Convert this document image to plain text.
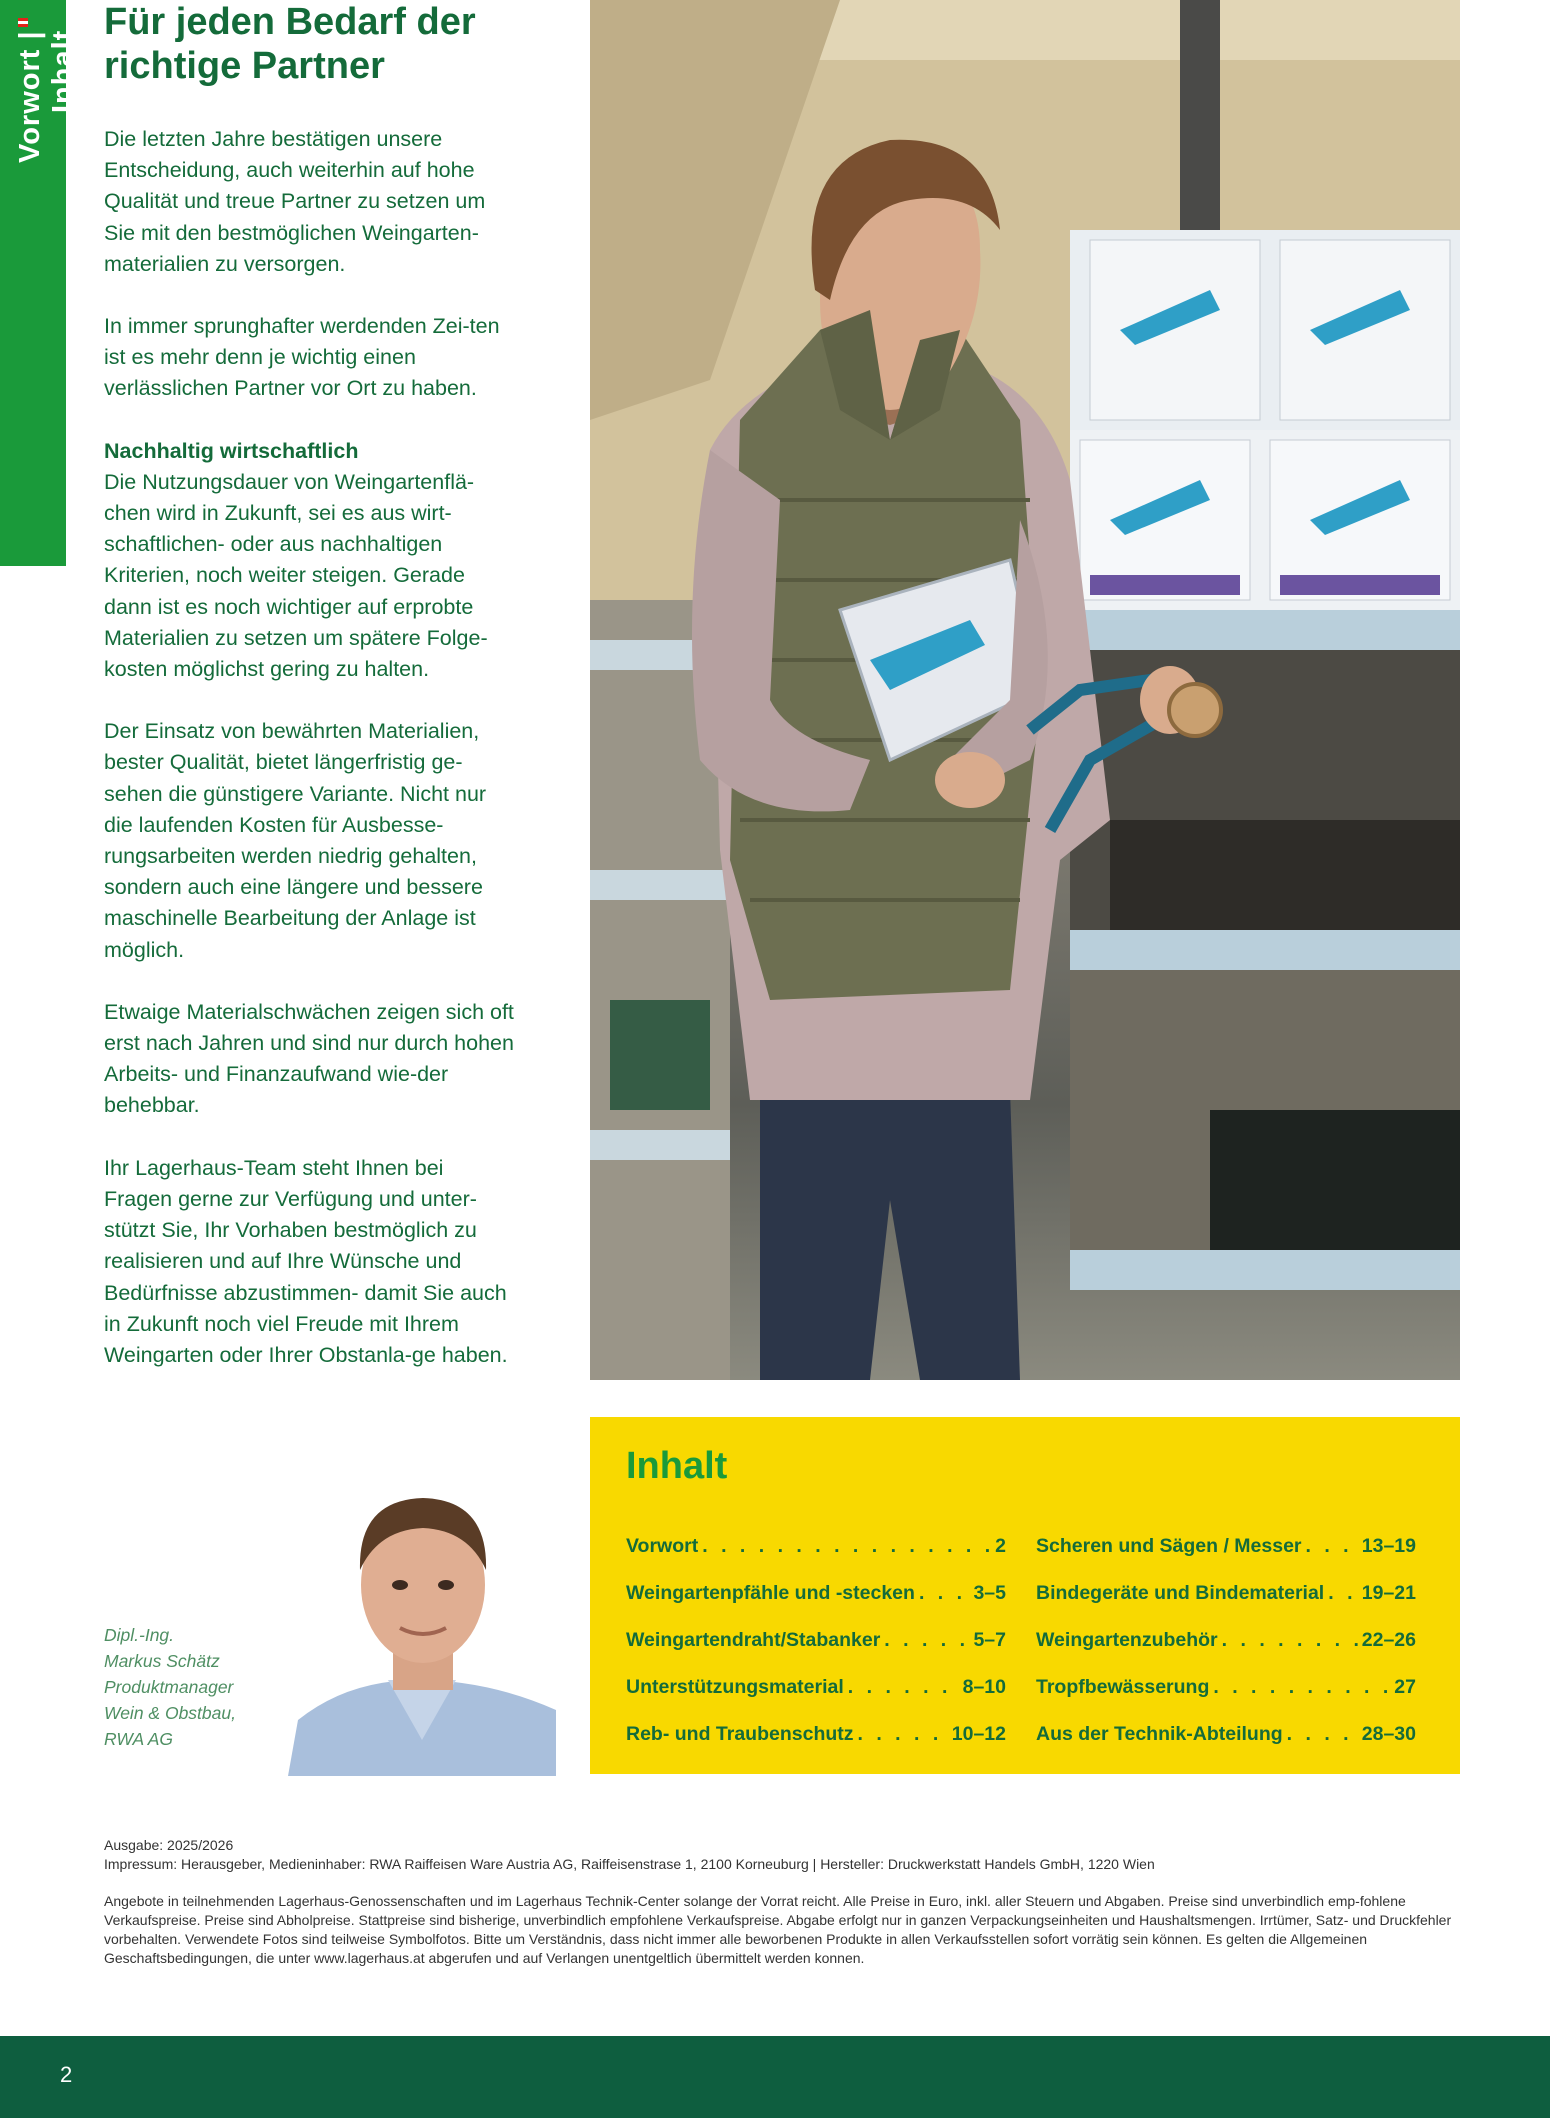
Vorwort | Inhalt
Für jeden Bedarf der richtige Partner

Die letzten Jahre bestätigen unsere Entscheidung, auch weiterhin auf hohe Qualität und treue Partner zu setzen um Sie mit den bestmöglichen Weingarten-materialien zu versorgen.

In immer sprunghafter werdenden Zei-ten ist es mehr denn je wichtig einen verlässlichen Partner vor Ort zu haben.

Nachhaltig wirtschaftlich
Die Nutzungsdauer von Weingartenflä-chen wird in Zukunft, sei es aus wirt-schaftlichen- oder aus nachhaltigen Kriterien, noch weiter steigen. Gerade dann ist es noch wichtiger auf erprobte Materialien zu setzen um spätere Folge-kosten möglichst gering zu halten.

Der Einsatz von bewährten Materialien, bester Qualität, bietet längerfristig ge-sehen die günstigere Variante. Nicht nur die laufenden Kosten für Ausbesse-rungsarbeiten werden niedrig gehalten, sondern auch eine längere und bessere maschinelle Bearbeitung der Anlage ist möglich.

Etwaige Materialschwächen zeigen sich oft erst nach Jahren und sind nur durch hohen Arbeits- und Finanzaufwand wie-der behebbar.

Ihr Lagerhaus-Team steht Ihnen bei Fragen gerne zur Verfügung und unter-stützt Sie, Ihr Vorhaben bestmöglich zu realisieren und auf Ihre Wünsche und Bedürfnisse abzustimmen- damit Sie auch in Zukunft noch viel Freude mit Ihrem Weingarten oder Ihrer Obstanla-ge haben.

Inhalt
Vorwort . . .	2
Weingartenpfähle und -stecken . . .	3–5
Weingartendraht/Stabanker . . .	5–7
Unterstützungsmaterial . . .	8–10
Reb- und Traubenschutz . . .	10–12
Scheren und Sägen / Messer . . .	13–19
Bindegeräte und Bindematerial . . . 19–21
Weingartenzubehör . . .	22–26
Tropfbewässerung . . .	27
Aus der Technik-Abteilung . . .	28–30
Dipl.-Ing.
Markus Schätz
Produktmanager
Wein & Obstbau,
RWA AG

Ausgabe: 2025/2026
Impressum: Herausgeber, Medieninhaber: RWA Raiffeisen Ware Austria AG, Raiffeisenstrase 1, 2100 Korneuburg | Hersteller: Druckwerkstatt Handels GmbH, 1220 Wien

Angebote in teilnehmenden Lagerhaus-Genossenschaften und im Lagerhaus Technik-Center solange der Vorrat reicht. Alle Preise in Euro, inkl. aller Steuern und Abgaben. Preise sind unverbindlich emp-fohlene Verkaufspreise. Preise sind Abholpreise. Stattpreise sind bisherige, unverbindlich empfohlene Verkaufspreise. Abgabe erfolgt nur in ganzen Verpackungseinheiten und Haushaltsmengen. Irrtümer, Satz- und Druckfehler vorbehalten. Verwendete Fotos sind teilweise Symbolfotos. Bitte um Verständnis, dass nicht immer alle beworbenen Produkte in allen Verkaufsstellen sofort vorrätig sein können. Es gelten die Allgemeinen Geschaftsbedingungen, die unter www.lagerhaus.at abgerufen und auf Verlangen unentgeltlich übermittelt werden konnen.

2
